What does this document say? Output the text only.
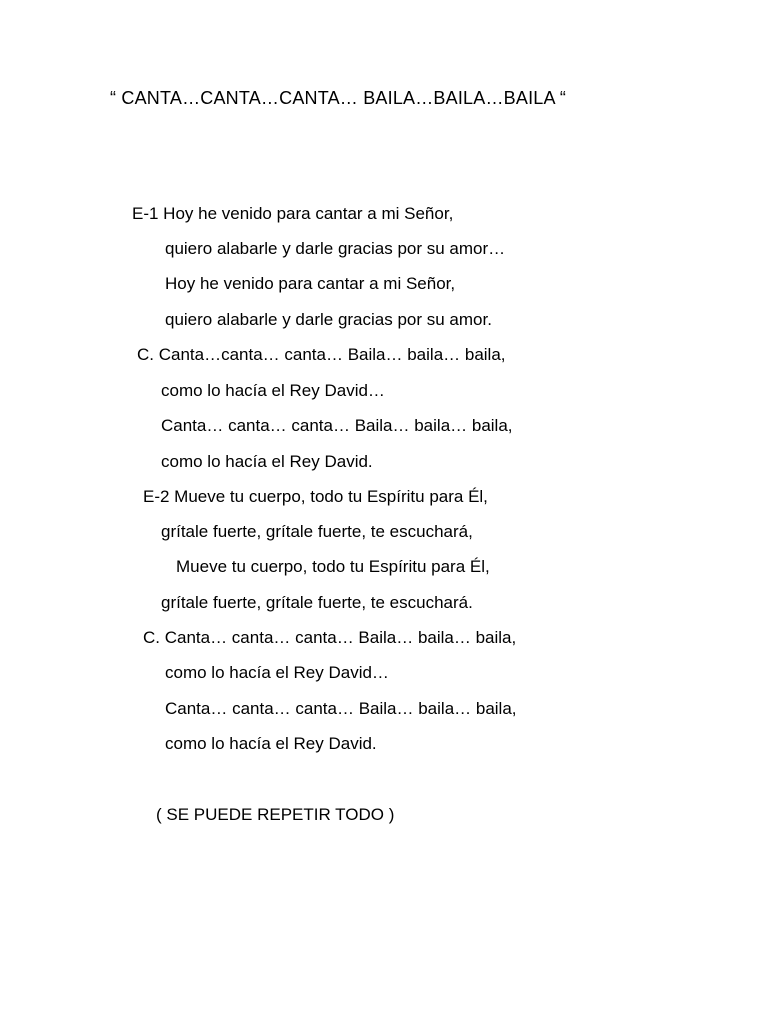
“ CANTA…CANTA…CANTA… BAILA…BAILA…BAILA “
E-1 Hoy he venido para cantar a mi Señor,
quiero alabarle y darle gracias por su amor…
Hoy he venido para cantar a mi Señor,
quiero alabarle y darle gracias por su amor.
C. Canta…canta… canta… Baila… baila… baila,
como lo hacía el Rey David…
Canta… canta… canta… Baila… baila… baila,
como lo hacía el Rey David.
E-2 Mueve tu cuerpo, todo tu Espíritu para Él,
grítale fuerte, grítale fuerte, te escuchará,
Mueve tu cuerpo, todo tu Espíritu para Él,
grítale fuerte, grítale fuerte, te escuchará.
C. Canta… canta… canta… Baila… baila… baila,
como lo hacía el Rey David…
Canta… canta… canta… Baila… baila… baila,
como lo hacía el Rey David.
( SE PUEDE REPETIR TODO )
